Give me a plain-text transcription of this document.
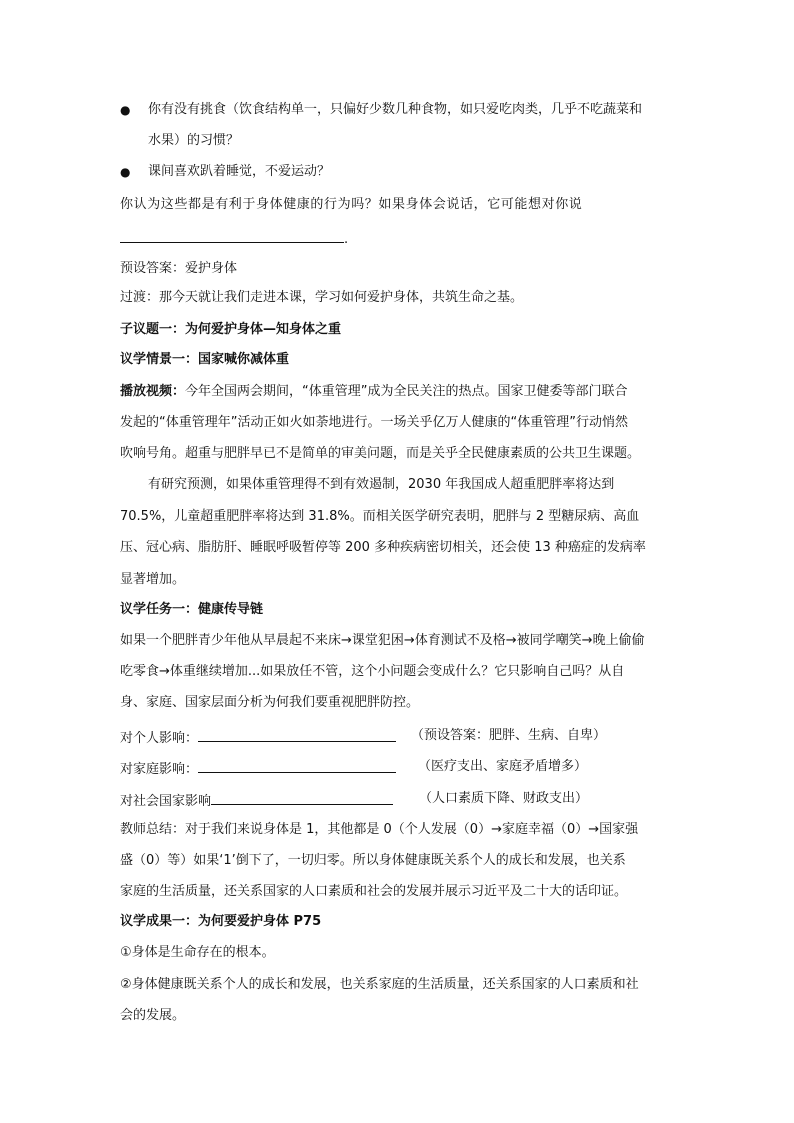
● 你有没有挑食（饮食结构单一，只偏好少数几种食物，如只爱吃肉类，几乎不吃蔬菜和
水果）的习惯？
● 课间喜欢趴着睡觉，不爱运动？
你认为这些都是有利于身体健康的行为吗？如果身体会说话，它可能想对你说
.
预设答案：爱护身体
过渡：那今天就让我们走进本课，学习如何爱护身体，共筑生命之基。
子议题一：为何爱护身体—知身体之重
议学情景一：国家喊你减体重
播放视频：今年全国两会期间，“体重管理”成为全民关注的热点。国家卫健委等部门联合
发起的“体重管理年”活动正如火如荼地进行。一场关乎亿万人健康的“体重管理”行动悄然
吹响号角。超重与肥胖早已不是简单的审美问题，而是关乎全民健康素质的公共卫生课题。
有研究预测，如果体重管理得不到有效遏制，2030 年我国成人超重肥胖率将达到
70.5%，儿童超重肥胖率将达到 31.8%。而相关医学研究表明，肥胖与 2 型糖尿病、高血
压、冠心病、脂肪肝、睡眠呼吸暂停等 200 多种疾病密切相关，还会使 13 种癌症的发病率
显著增加。
议学任务一：健康传导链
如果一个肥胖青少年他从早晨起不来床→课堂犯困→体育测试不及格→被同学嘲笑→晚上偷偷
吃零食→体重继续增加...如果放任不管，这个小问题会变成什么？它只影响自己吗？从自
身、家庭、国家层面分析为何我们要重视肥胖防控。
对个人影响：	（预设答案：肥胖、生病、自卑）
对家庭影响：	（医疗支出、家庭矛盾增多）
对社会国家影响	（人口素质下降、财政支出）
教师总结：对于我们来说身体是 1，其他都是 0（个人发展（0）→家庭幸福（0）→国家强
盛（0）等）如果‘1’倒下了，一切归零。所以身体健康既关系个人的成长和发展，也关系
家庭的生活质量，还关系国家的人口素质和社会的发展并展示习近平及二十大的话印证。
议学成果一：为何要爱护身体 P75
①身体是生命存在的根本。
②身体健康既关系个人的成长和发展，也关系家庭的生活质量，还关系国家的人口素质和社
会的发展。
